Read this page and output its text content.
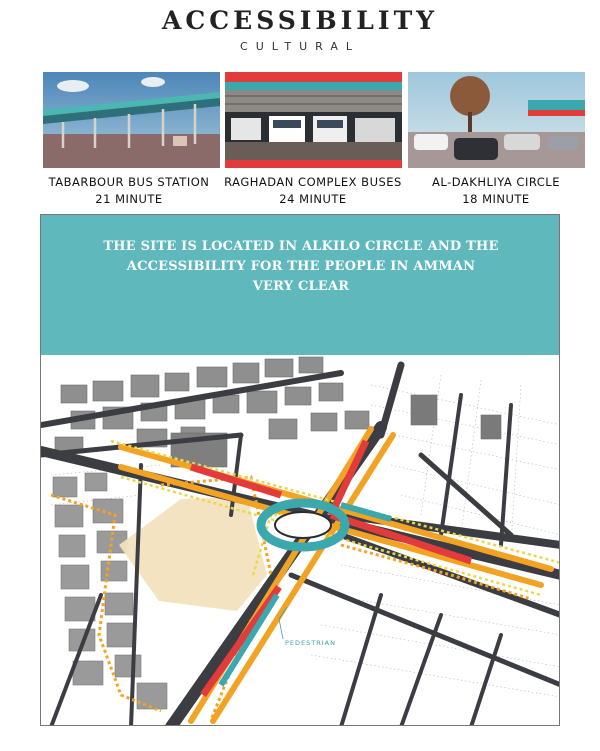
ACCESSIBILITY
CULTURAL
TABARBOUR BUS STATION
21 MINUTE
RAGHADAN COMPLEX BUSES
24 MINUTE
AL-DAKHLIYA CIRCLE
18 MINUTE
THE SITE IS LOCATED IN ALKILO CIRCLE AND THE
ACCESSIBILITY FOR THE PEOPLE IN AMMAN
VERY CLEAR
PEDESTRIAN
